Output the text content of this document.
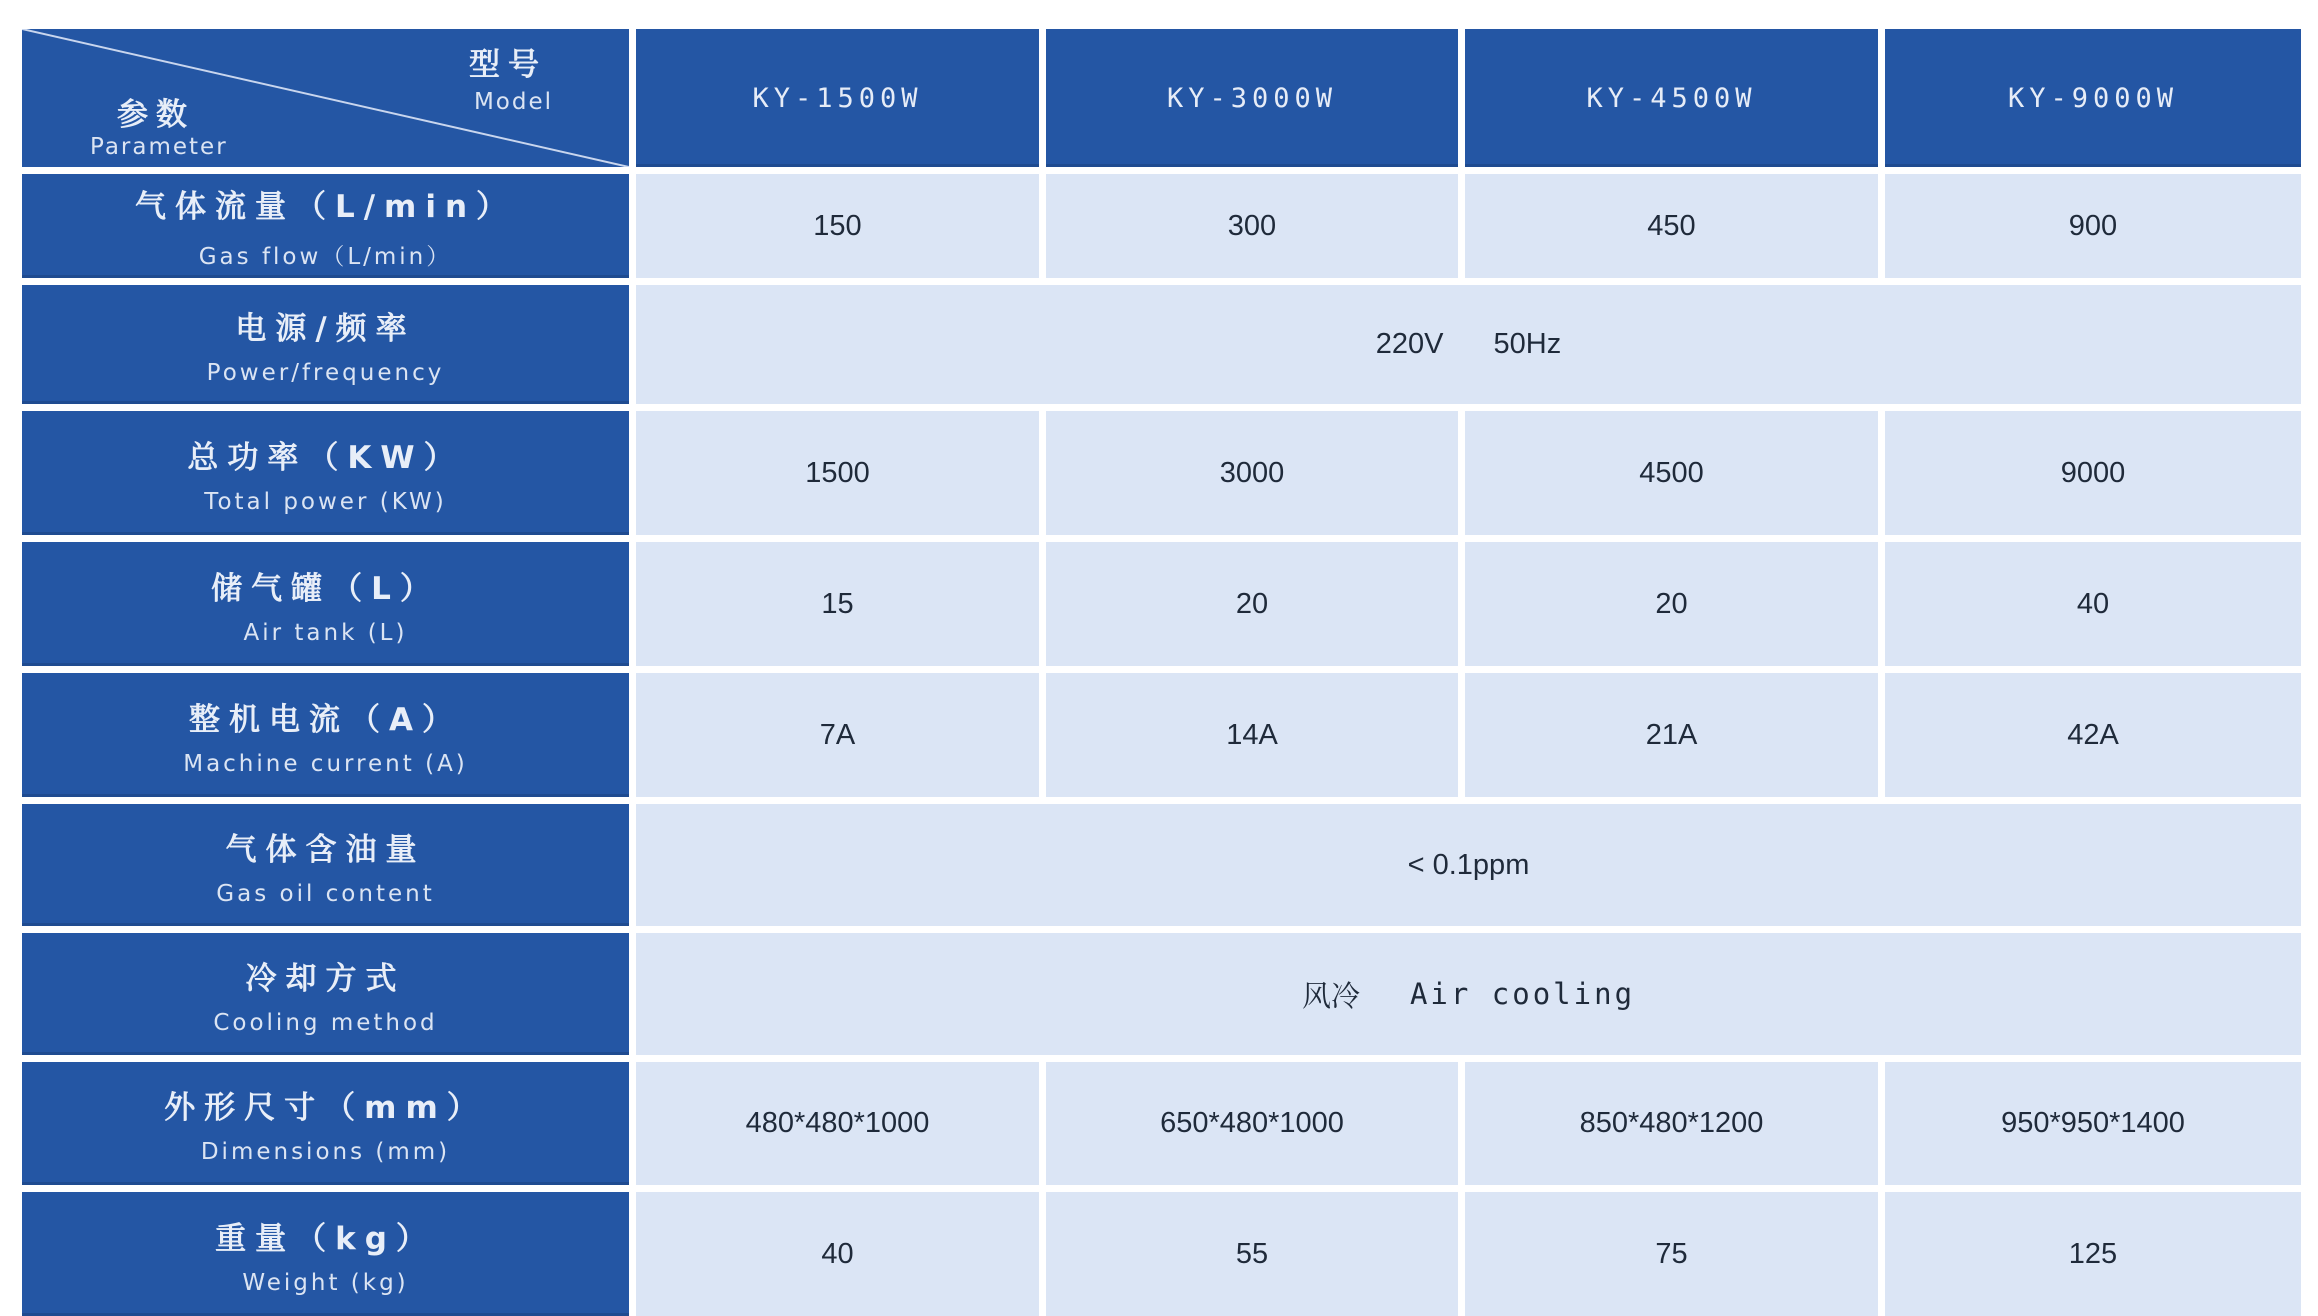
型号
Model
参数
Parameter
KY-1500W	KY-3000W	KY-4500W	KY-9000W
气体流量（L/min）
Gas flow（L/min）
150	300	450	900
电源/频率
Power/frequency
220V 50Hz
总功率（KW）
Total power (KW)
1500	3000	4500	9000
储气罐（L）
Air tank (L)
15	20	20	40
整机电流（A）
Machine current (A)
7A	14A	21A	42A
气体含油量
Gas oil content
< 0.1ppm
冷却方式
Cooling method
风冷 Air cooling
外形尺寸（mm）
Dimensions (mm)
480*480*1000	650*480*1000	850*480*1200	950*950*1400
重量（kg）
Weight (kg)
40	55	75	125
